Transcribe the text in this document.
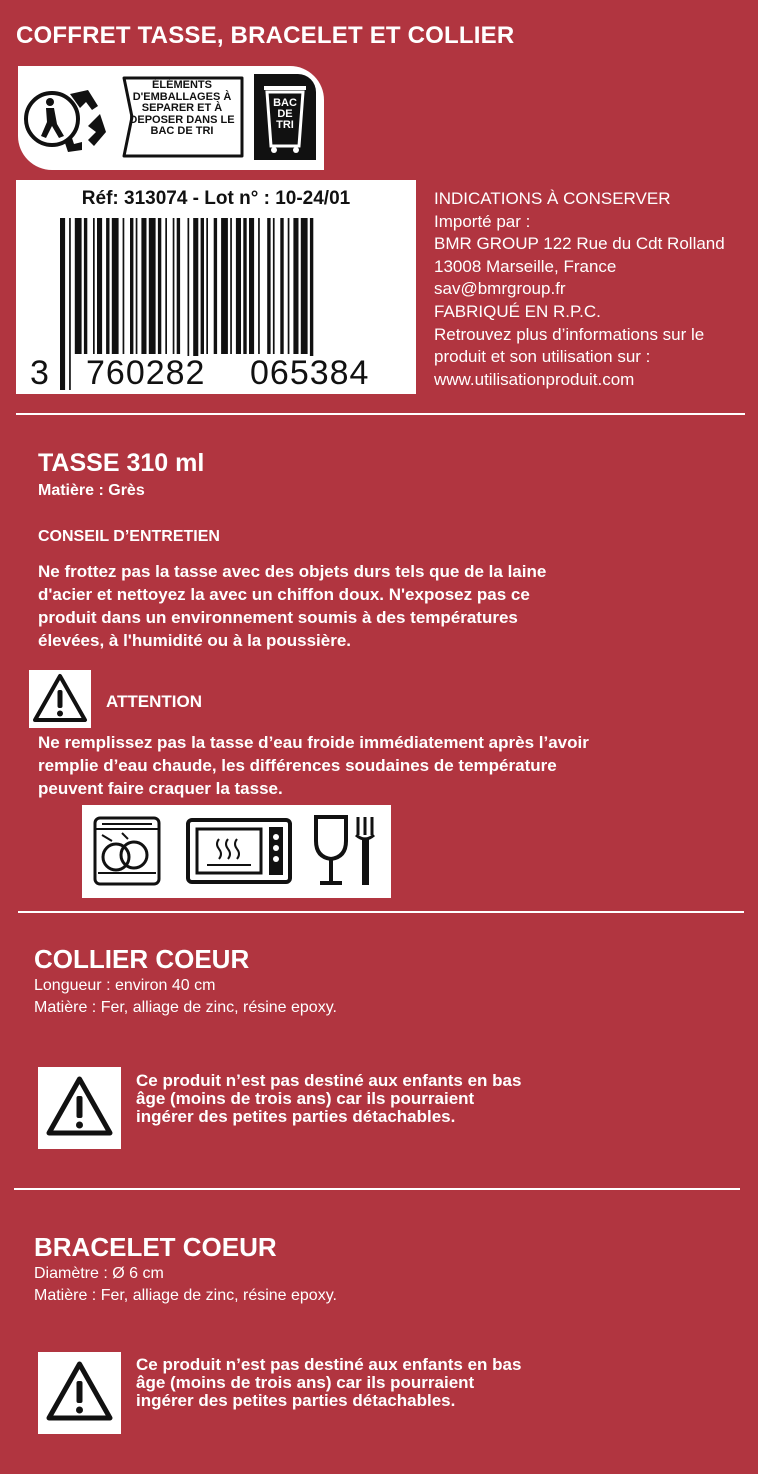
COFFRET TASSE, BRACELET ET COLLIER
ÉLÉMENTS
D'EMBALLAGES À
SEPARER ET À
DEPOSER DANS LE
BAC DE TRI
BAC
DE
TRI
Réf: 313074 - Lot n° : 10-24/01
3 760282 065384
INDICATIONS À CONSERVER
Importé par :
BMR GROUP 122 Rue du Cdt Rolland
13008 Marseille, France
sav@bmrgroup.fr
FABRIQUÉ EN R.P.C.
Retrouvez plus d’informations sur le
produit et son utilisation sur :
www.utilisationproduit.com
TASSE 310 ml
Matière : Grès
CONSEIL D’ENTRETIEN
Ne frottez pas la tasse avec des objets durs tels que de la laine
d'acier et nettoyez la avec un chiffon doux. N'exposez pas ce
produit dans un environnement soumis à des températures
élevées, à l'humidité ou à la poussière.
ATTENTION
Ne remplissez pas la tasse d’eau froide immédiatement après l’avoir
remplie d’eau chaude, les différences soudaines de température
peuvent faire craquer la tasse.
COLLIER COEUR
Longueur : environ 40 cm
Matière : Fer, alliage de zinc, résine epoxy.
Ce produit n’est pas destiné aux enfants en bas
âge (moins de trois ans) car ils pourraient
ingérer des petites parties détachables.
BRACELET COEUR
Diamètre : Ø 6 cm
Matière : Fer, alliage de zinc, résine epoxy.
Ce produit n’est pas destiné aux enfants en bas
âge (moins de trois ans) car ils pourraient
ingérer des petites parties détachables.
